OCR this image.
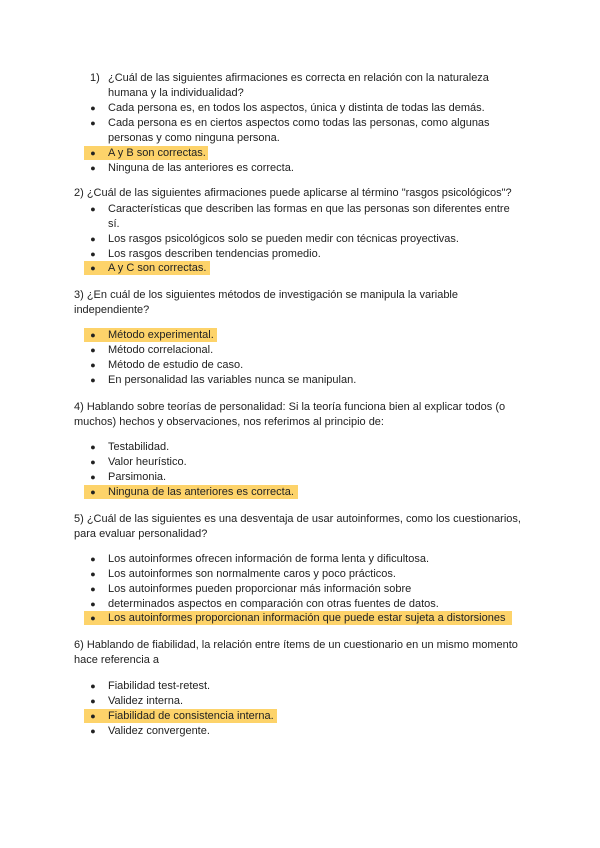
1) ¿Cuál de las siguientes afirmaciones es correcta en relación con la naturaleza humana y la individualidad?
● Cada persona es, en todos los aspectos, única y distinta de todas las demás.
● Cada persona es en ciertos aspectos como todas las personas, como algunas personas y como ninguna persona.
● A y B son correctas.
● Ninguna de las anteriores es correcta.
2) ¿Cuál de las siguientes afirmaciones puede aplicarse al término "rasgos psicológicos"?
● Características que describen las formas en que las personas son diferentes entre sí.
● Los rasgos psicológicos solo se pueden medir con técnicas proyectivas.
● Los rasgos describen tendencias promedio.
● A y C son correctas.
3) ¿En cuál de los siguientes métodos de investigación se manipula la variable independiente?
● Método experimental.
● Método correlacional.
● Método de estudio de caso.
● En personalidad las variables nunca se manipulan.
4) Hablando sobre teorías de personalidad: Si la teoría funciona bien al explicar todos (o muchos) hechos y observaciones, nos referimos al principio de:
● Testabilidad.
● Valor heurístico.
● Parsimonia.
● Ninguna de las anteriores es correcta.
5) ¿Cuál de las siguientes es una desventaja de usar autoinformes, como los cuestionarios, para evaluar personalidad?
● Los autoinformes ofrecen información de forma lenta y dificultosa.
● Los autoinformes son normalmente caros y poco prácticos.
● Los autoinformes pueden proporcionar más información sobre
● determinados aspectos en comparación con otras fuentes de datos.
● Los autoinformes proporcionan información que puede estar sujeta a distorsiones
6) Hablando de fiabilidad, la relación entre ítems de un cuestionario en un mismo momento hace referencia a
● Fiabilidad test-retest.
● Validez interna.
● Fiabilidad de consistencia interna.
● Validez convergente.
